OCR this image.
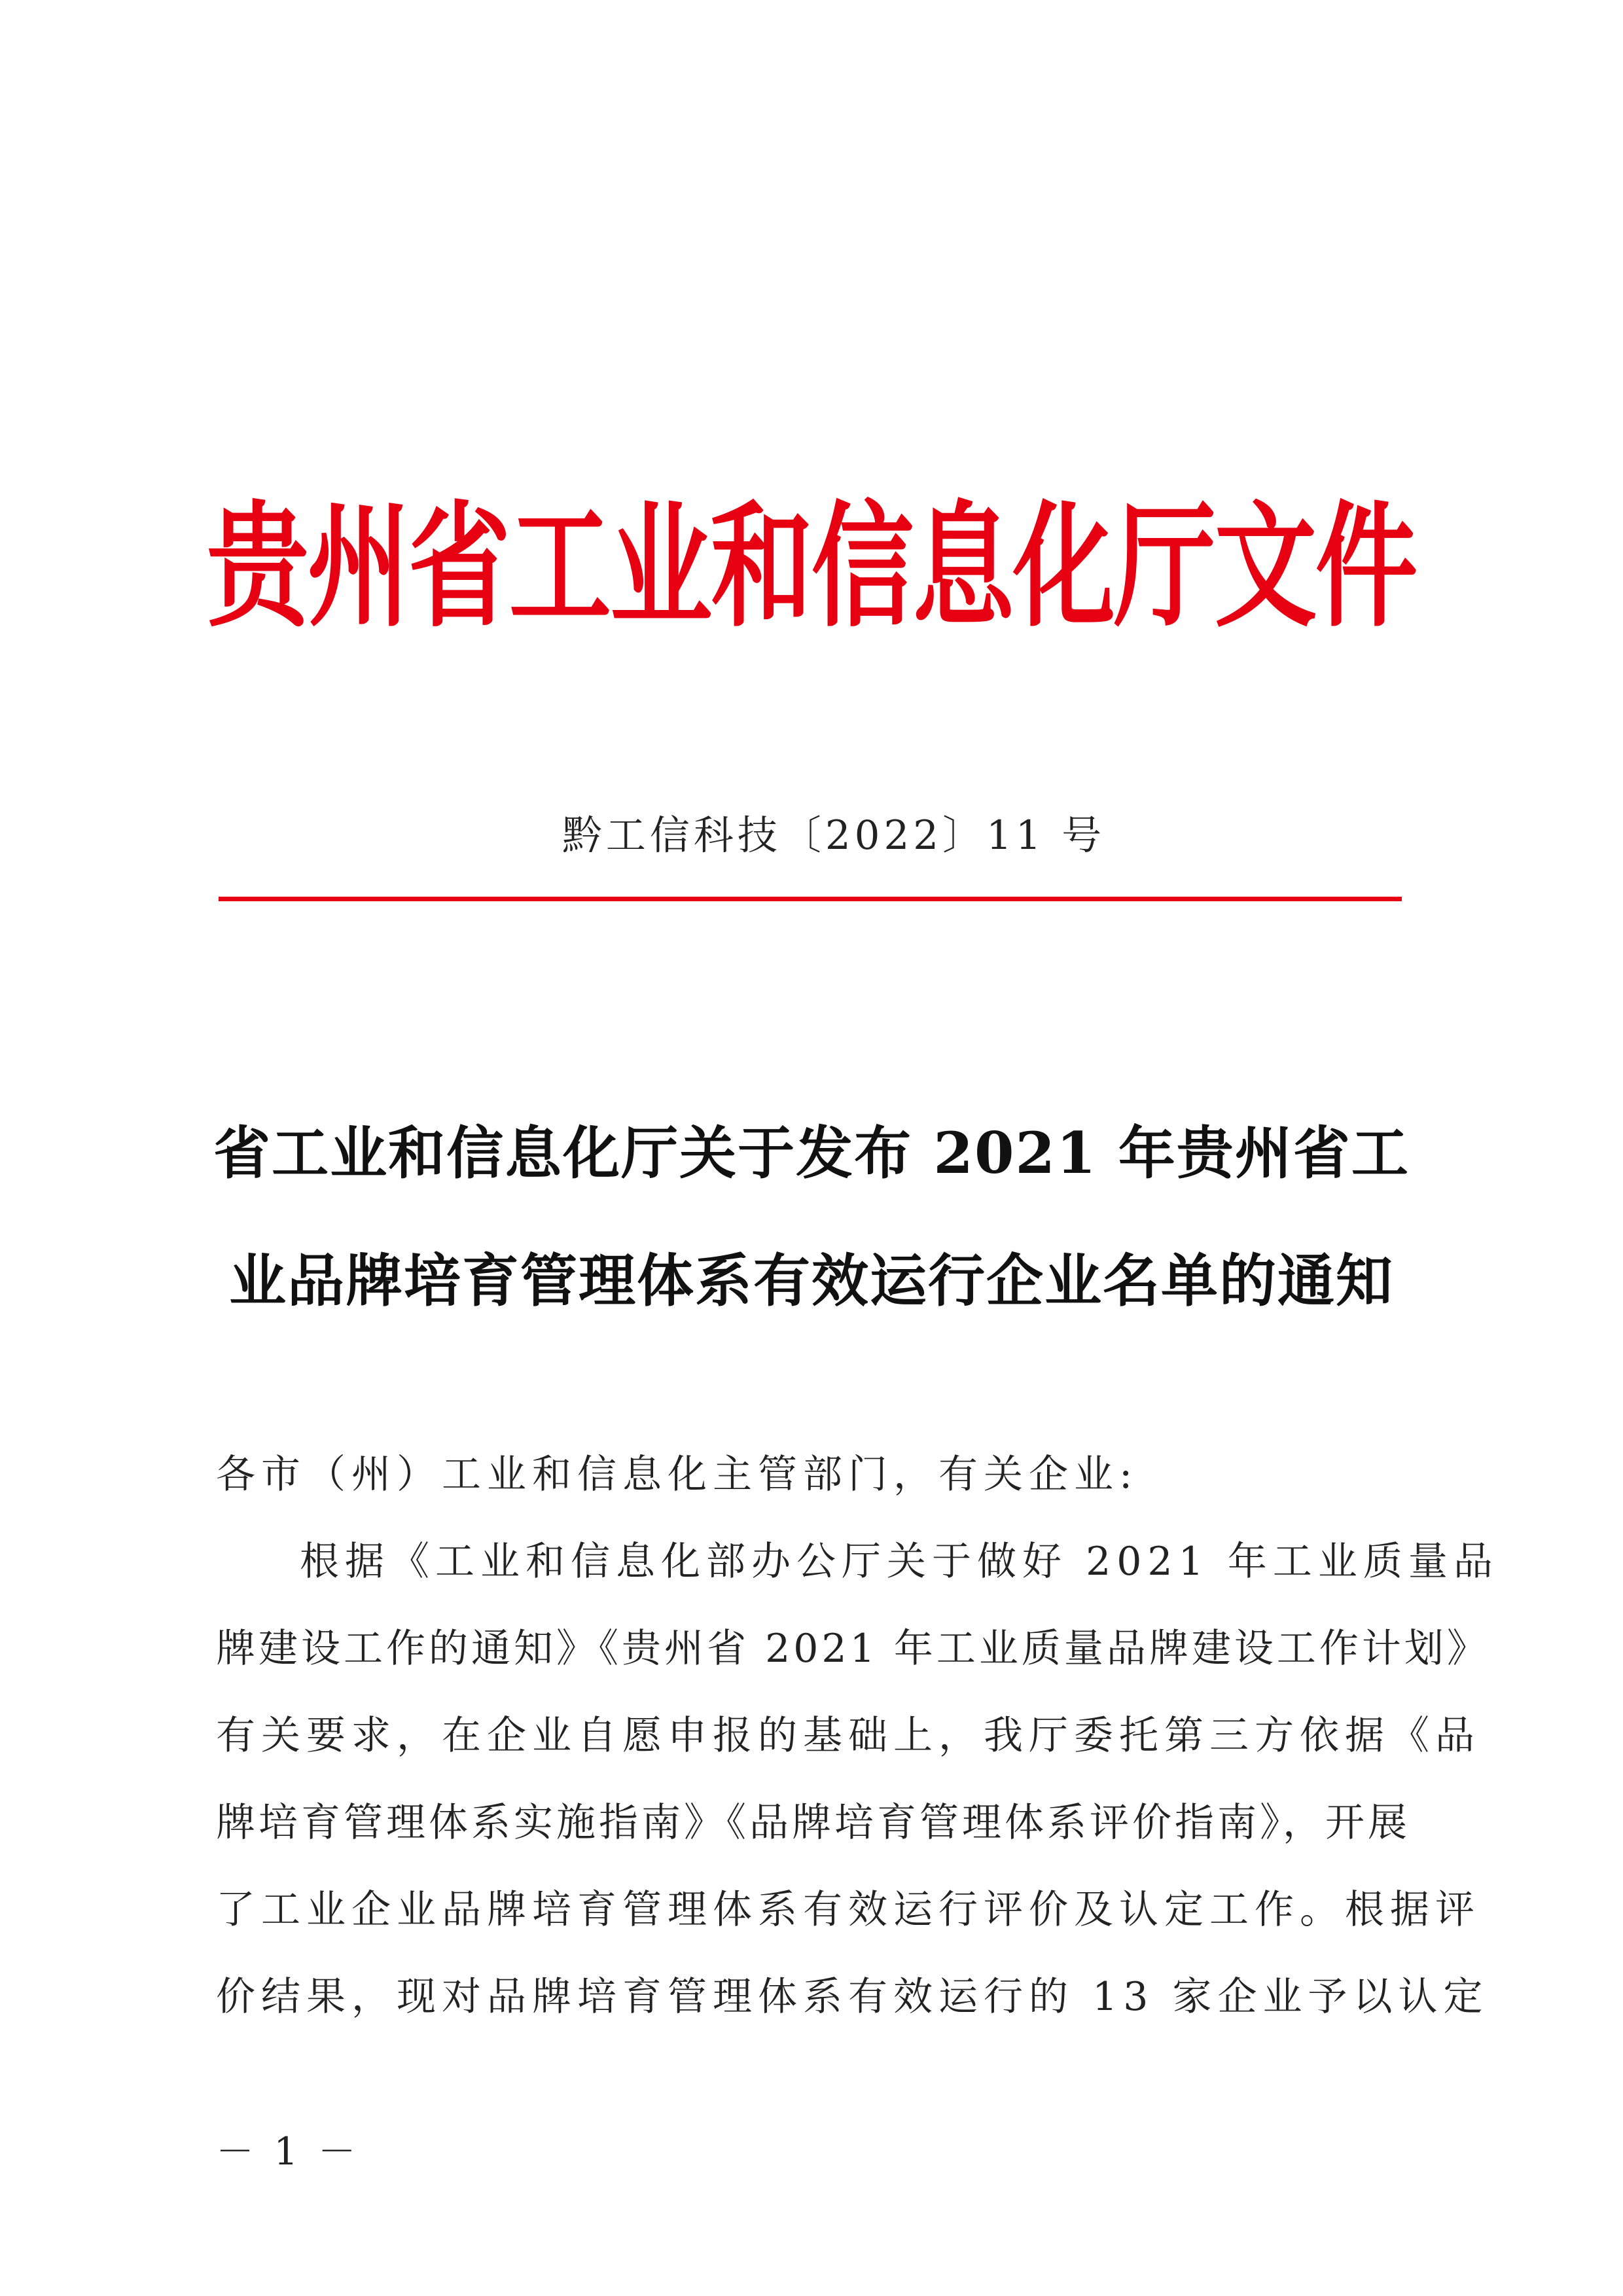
贵州省工业和信息化厅文件
黔工信科技〔2022〕11 号
省工业和信息化厅关于发布 2021 年贵州省工
业品牌培育管理体系有效运行企业名单的通知
各市（州）工业和信息化主管部门，有关企业:
根据《工业和信息化部办公厅关于做好 2021 年工业质量品
牌建设工作的通知》《贵州省 2021 年工业质量品牌建设工作计划》
有关要求，在企业自愿申报的基础上，我厅委托第三方依据《品
牌培育管理体系实施指南》《品牌培育管理体系评价指南》，开展
了工业企业品牌培育管理体系有效运行评价及认定工作。根据评
价结果，现对品牌培育管理体系有效运行的 13 家企业予以认定
－ 1 －
